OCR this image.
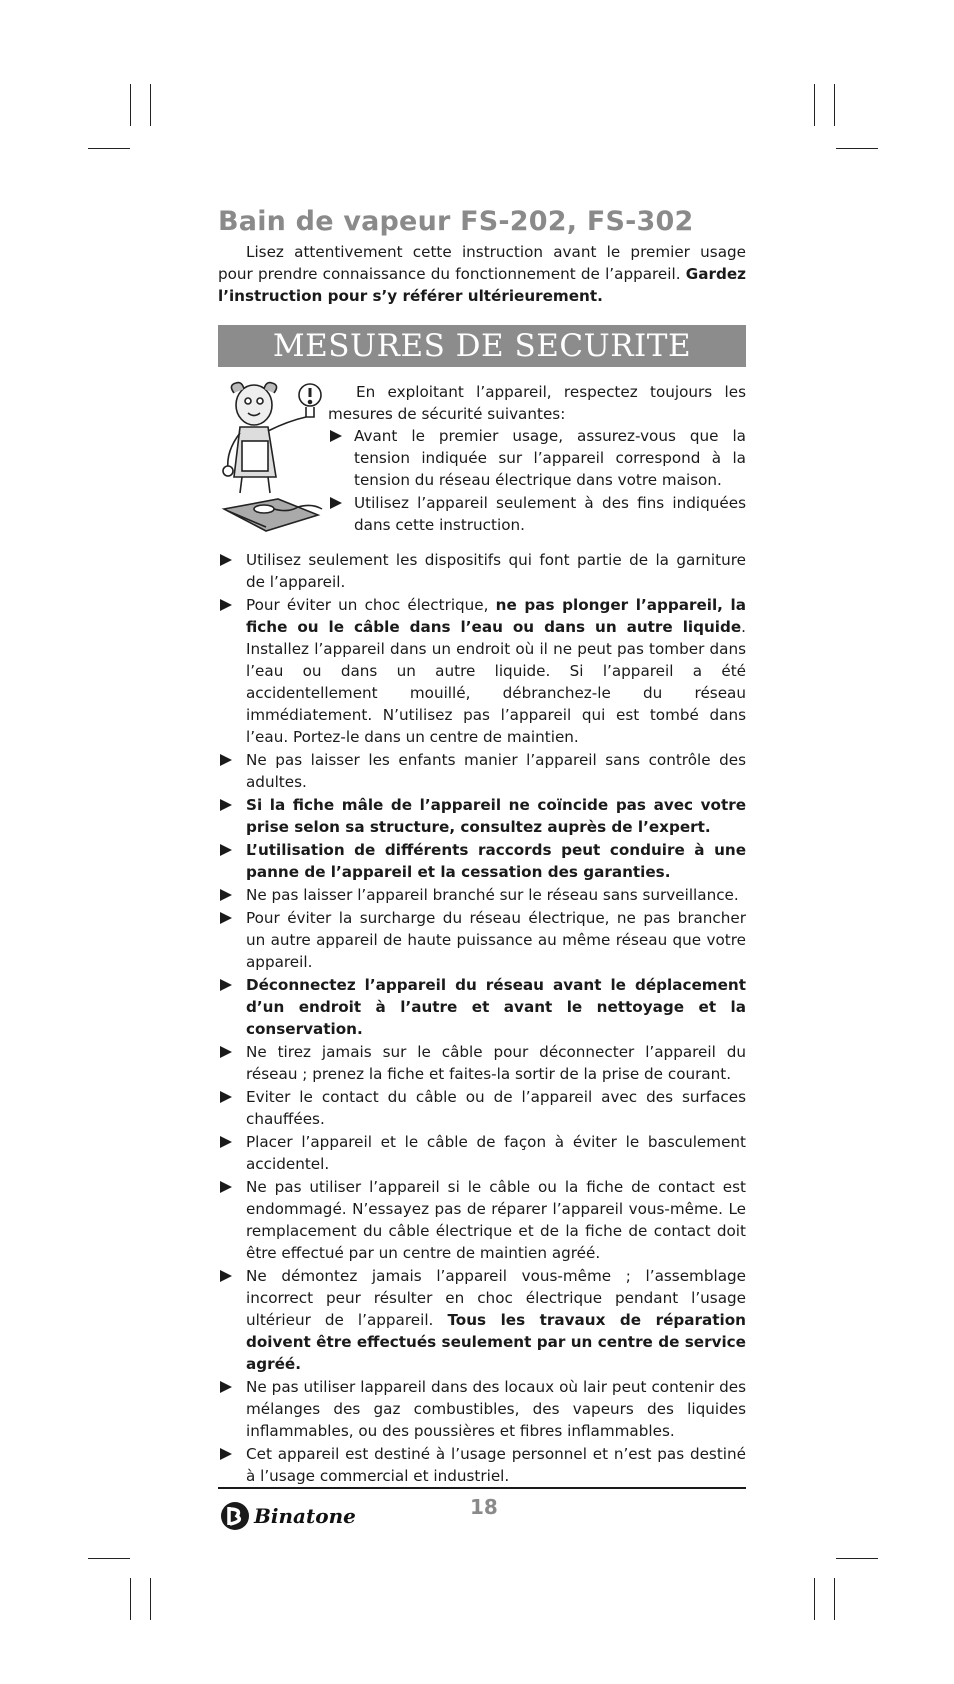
Bain de vapeur FS-202, FS-302

Lisez attentivement cette instruction avant le premier usage pour prendre connaissance du fonctionnement de l’appareil. Gardez l’instruction pour s’y référer ultérieurement.

MESURES DE SECURITE

En exploitant l’appareil, respectez toujours les mesures de sécurité suivantes:

Avant le premier usage, assurez-vous que la tension indiquée sur l’appareil correspond à la tension du réseau électrique dans votre maison.
Utilisez l’appareil seulement à des fins indiquées dans cette instruction.
Utilisez seulement les dispositifs qui font partie de la garniture de l’appareil.
Pour éviter un choc électrique, ne pas plonger l’appareil, la fiche ou le câble dans l’eau ou dans un autre liquide. Installez l’appareil dans un endroit où il ne peut pas tomber dans l’eau ou dans un autre liquide. Si l’appareil a été accidentellement mouillé, débranchez-le du réseau immédiatement. N’utilisez pas l’appareil qui est tombé dans l’eau. Portez-le dans un centre de maintien.
Ne pas laisser les enfants manier l’appareil sans contrôle des adultes.
Si la fiche mâle de l’appareil ne coïncide pas avec votre prise selon sa structure, consultez auprès de l’expert.
L’utilisation de différents raccords peut conduire à une panne de l’appareil et la cessation des garanties.
Ne pas laisser l’appareil branché sur le réseau sans surveillance.
Pour éviter la surcharge du réseau électrique, ne pas brancher un autre appareil de haute puissance au même réseau que votre appareil.
Déconnectez l’appareil du réseau avant le déplacement d’un endroit à l’autre et avant le nettoyage et la conservation.
Ne tirez jamais sur le câble pour déconnecter l’appareil du réseau ; prenez la fiche et faites-la sortir de la prise de courant.
Eviter le contact du câble ou de l’appareil avec des surfaces chauffées.
Placer l’appareil et le câble de façon à éviter le basculement accidentel.
Ne pas utiliser l’appareil si le câble ou la fiche de contact est endommagé. N’essayez pas de réparer l’appareil vous-même. Le remplacement du câble électrique et de la fiche de contact doit être effectué par un centre de maintien agréé.
Ne démontez jamais l’appareil vous-même ; l’assemblage incorrect peur résulter en choc électrique pendant l’usage ultérieur de l’appareil. Tous les travaux de réparation doivent être effectués seulement par un centre de service agréé.
Ne pas utiliser lappareil dans des locaux où lair peut contenir des mélanges des gaz combustibles, des vapeurs des liquides inflammables, ou des poussières et fibres inflammables.
Cet appareil est destiné à l’usage personnel et n’est pas destiné à l’usage commercial et industriel.
Binatone	18
